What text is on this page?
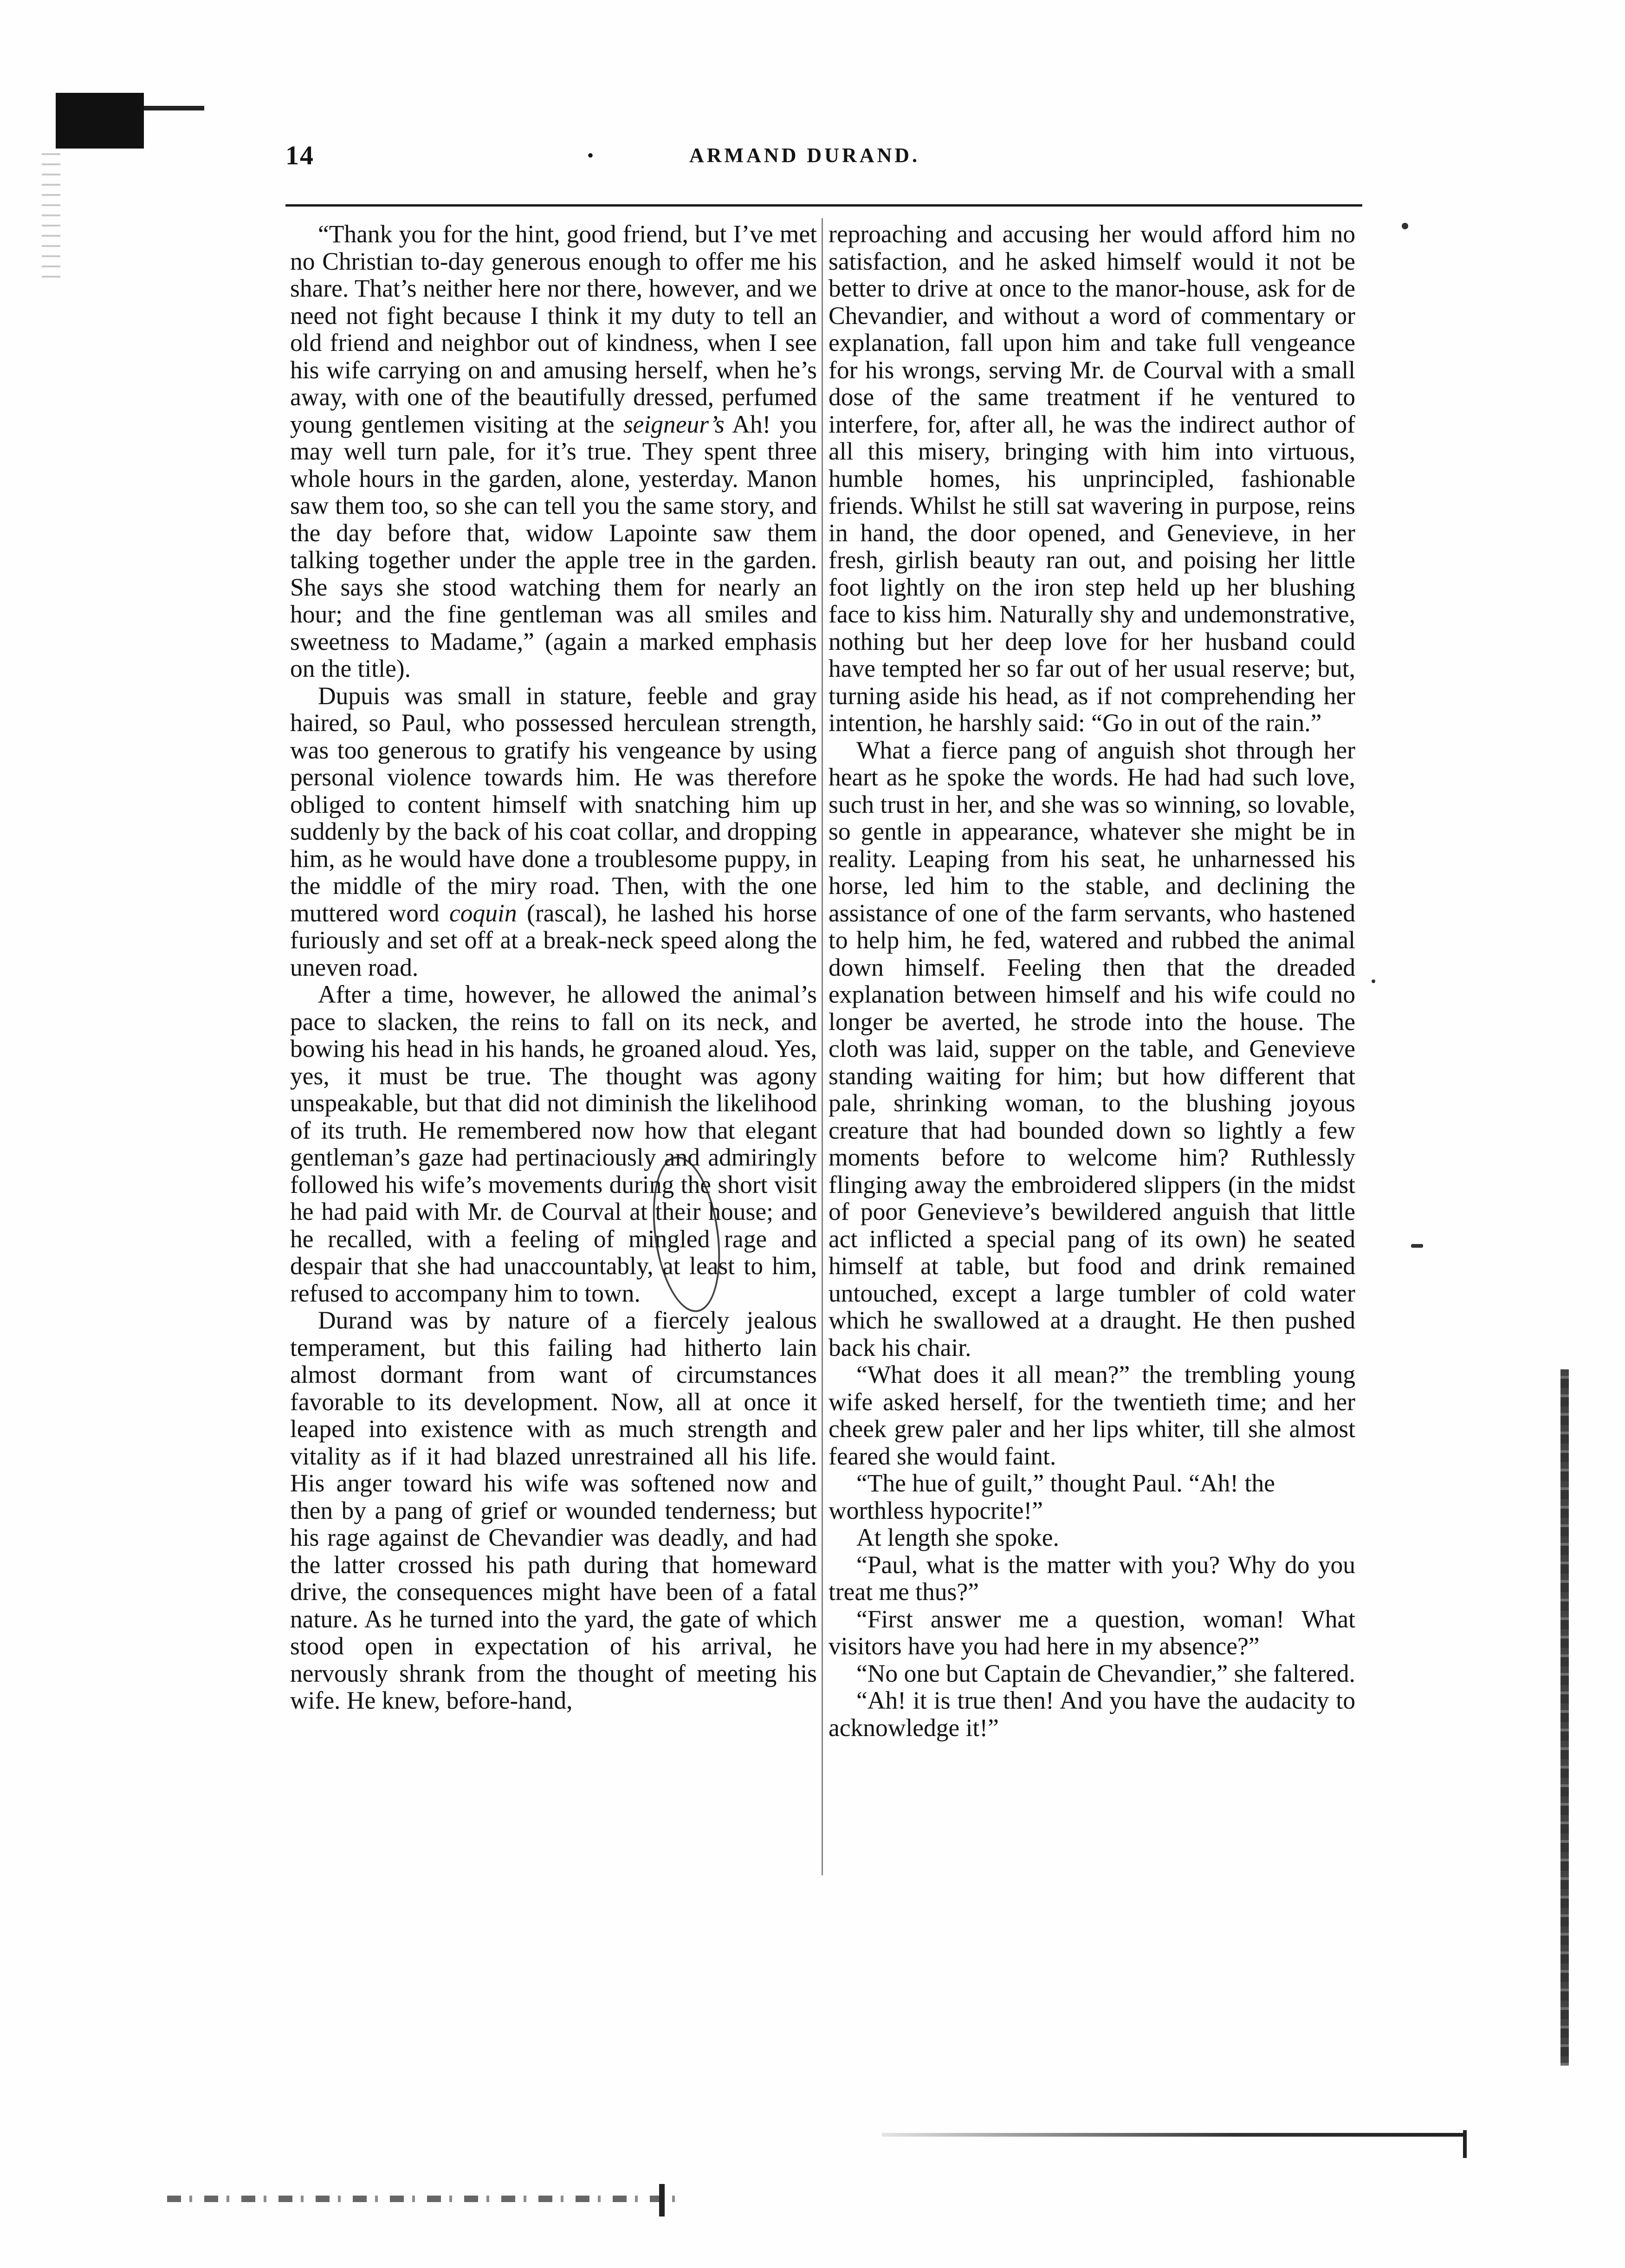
14	•	ARMAND DURAND.

“Thank you for the hint, good friend, but I’ve met no Christian to-day generous enough to offer me his share. That’s neither here nor there, however, and we need not fight because I think it my duty to tell an old friend and neighbor out of kindness, when I see his wife carrying on and amusing herself, when he’s away, with one of the beautifully dressed, perfumed young gentlemen visiting at the seigneur’s Ah! you may well turn pale, for it’s true. They spent three whole hours in the garden, alone, yesterday. Manon saw them too, so she can tell you the same story, and the day before that, widow Lapointe saw them talking together under the apple tree in the garden. She says she stood watching them for nearly an hour; and the fine gentleman was all smiles and sweetness to Madame,” (again a marked emphasis on the title).

Dupuis was small in stature, feeble and gray haired, so Paul, who possessed herculean strength, was too generous to gratify his vengeance by using personal violence towards him. He was therefore obliged to content himself with snatching him up suddenly by the back of his coat collar, and dropping him, as he would have done a troublesome puppy, in the middle of the miry road. Then, with the one muttered word coquin (rascal), he lashed his horse furiously and set off at a break-neck speed along the uneven road.

After a time, however, he allowed the animal’s pace to slacken, the reins to fall on its neck, and bowing his head in his hands, he groaned aloud. Yes, yes, it must be true. The thought was agony unspeakable, but that did not diminish the likelihood of its truth. He remembered now how that elegant gentleman’s gaze had pertinaciously and admiringly followed his wife’s movements during the short visit he had paid with Mr. de Courval at their house; and he recalled, with a feeling of mingled rage and despair that she had unaccountably, at least to him, refused to accompany him to town.

Durand was by nature of a fiercely jealous temperament, but this failing had hitherto lain almost dormant from want of circumstances favorable to its development. Now, all at once it leaped into existence with as much strength and vitality as if it had blazed unrestrained all his life. His anger toward his wife was softened now and then by a pang of grief or wounded tenderness; but his rage against de Chevandier was deadly, and had the latter crossed his path during that homeward drive, the consequences might have been of a fatal nature. As he turned into the yard, the gate of which stood open in expectation of his arrival, he nervously shrank from the thought of meeting his wife. He knew, before-hand,

reproaching and accusing her would afford him no satisfaction, and he asked himself would it not be better to drive at once to the manor-house, ask for de Chevandier, and without a word of commentary or explanation, fall upon him and take full vengeance for his wrongs, serving Mr. de Courval with a small dose of the same treatment if he ventured to interfere, for, after all, he was the indirect author of all this misery, bringing with him into virtuous, humble homes, his unprincipled, fashionable friends. Whilst he still sat wavering in purpose, reins in hand, the door opened, and Genevieve, in her fresh, girlish beauty ran out, and poising her little foot lightly on the iron step held up her blushing face to kiss him. Naturally shy and undemonstrative, nothing but her deep love for her husband could have tempted her so far out of her usual reserve; but, turning aside his head, as if not comprehending her intention, he harshly said: “Go in out of the rain.”

What a fierce pang of anguish shot through her heart as he spoke the words. He had had such love, such trust in her, and she was so winning, so lovable, so gentle in appearance, whatever she might be in reality. Leaping from his seat, he unharnessed his horse, led him to the stable, and declining the assistance of one of the farm servants, who hastened to help him, he fed, watered and rubbed the animal down himself. Feeling then that the dreaded explanation between himself and his wife could no longer be averted, he strode into the house. The cloth was laid, supper on the table, and Genevieve standing waiting for him; but how different that pale, shrinking woman, to the blushing joyous creature that had bounded down so lightly a few moments before to welcome him? Ruthlessly flinging away the embroidered slippers (in the midst of poor Genevieve’s bewildered anguish that little act inflicted a special pang of its own) he seated himself at table, but food and drink remained untouched, except a large tumbler of cold water which he swallowed at a draught. He then pushed back his chair.

“What does it all mean?” the trembling young wife asked herself, for the twentieth time; and her cheek grew paler and her lips whiter, till she almost feared she would faint.

“The hue of guilt,” thought Paul. “Ah! the worthless hypocrite!”

At length she spoke.

“Paul, what is the matter with you? Why do you treat me thus?”

“First answer me a question, woman! What visitors have you had here in my absence?”

“No one but Captain de Chevandier,” she faltered.

“Ah! it is true then! And you have the audacity to acknowledge it!”
